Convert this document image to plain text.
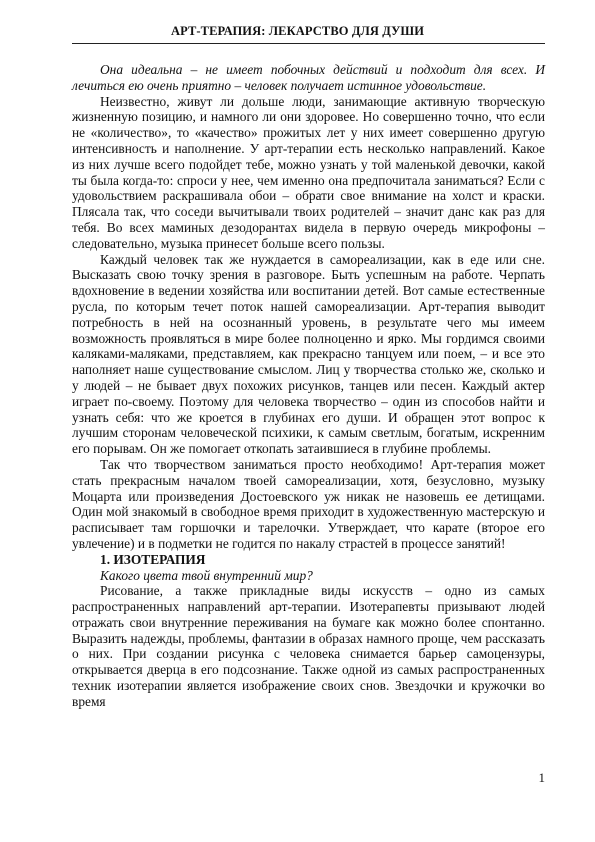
АРТ-ТЕРАПИЯ: ЛЕКАРСТВО ДЛЯ ДУШИ

Она идеальна – не имеет побочных действий и подходит для всех. И лечиться ею очень приятно – человек получает истинное удовольствие.

Неизвестно, живут ли дольше люди, занимающие активную творческую жизненную позицию, и намного ли они здоровее. Но совершенно точно, что если не «количество», то «качество» прожитых лет у них имеет совершенно другую интенсивность и наполнение. У арт-терапии есть несколько направлений. Какое из них лучше всего подойдет тебе, можно узнать у той маленькой девочки, какой ты была когда-то: спроси у нее, чем именно она предпочитала заниматься? Если с удовольствием раскрашивала обои – обрати свое внимание на холст и краски. Плясала так, что соседи вычитывали твоих родителей – значит данс как раз для тебя. Во всех маминых дезодорантах видела в первую очередь микрофоны – следовательно, музыка принесет больше всего пользы.

Каждый человек так же нуждается в самореализации, как в еде или сне. Высказать свою точку зрения в разговоре. Быть успешным на работе. Черпать вдохновение в ведении хозяйства или воспитании детей. Вот самые естественные русла, по которым течет поток нашей самореализации. Арт-терапия выводит потребность в ней на осознанный уровень, в результате чего мы имеем возможность проявляться в мире более полноценно и ярко. Мы гордимся своими каляками-маляками, представляем, как прекрасно танцуем или поем, – и все это наполняет наше существование смыслом. Лиц у творчества столько же, сколько и у людей – не бывает двух похожих рисунков, танцев или песен. Каждый актер играет по-своему. Поэтому для человека творчество – один из способов найти и узнать себя: что же кроется в глубинах его души. И обращен этот вопрос к лучшим сторонам человеческой психики, к самым светлым, богатым, искренним его порывам. Он же помогает откопать затаившиеся в глубине проблемы.

Так что творчеством заниматься просто необходимо! Арт-терапия может стать прекрасным началом твоей самореализации, хотя, безусловно, музыку Моцарта или произведения Достоевского уж никак не назовешь ее детищами. Один мой знакомый в свободное время приходит в художественную мастерскую и расписывает там горшочки и тарелочки. Утверждает, что карате (второе его увлечение) и в подметки не годится по накалу страстей в процессе занятий!

1. ИЗОТЕРАПИЯ

Какого цвета твой внутренний мир?

Рисование, а также прикладные виды искусств – одно из самых распространенных направлений арт-терапии. Изотерапевты призывают людей отражать свои внутренние переживания на бумаге как можно более спонтанно. Выразить надежды, проблемы, фантазии в образах намного проще, чем рассказать о них. При создании рисунка с человека снимается барьер самоцензуры, открывается дверца в его подсознание. Также одной из самых распространенных техник изотерапии является изображение своих снов. Звездочки и кружочки во время

1
